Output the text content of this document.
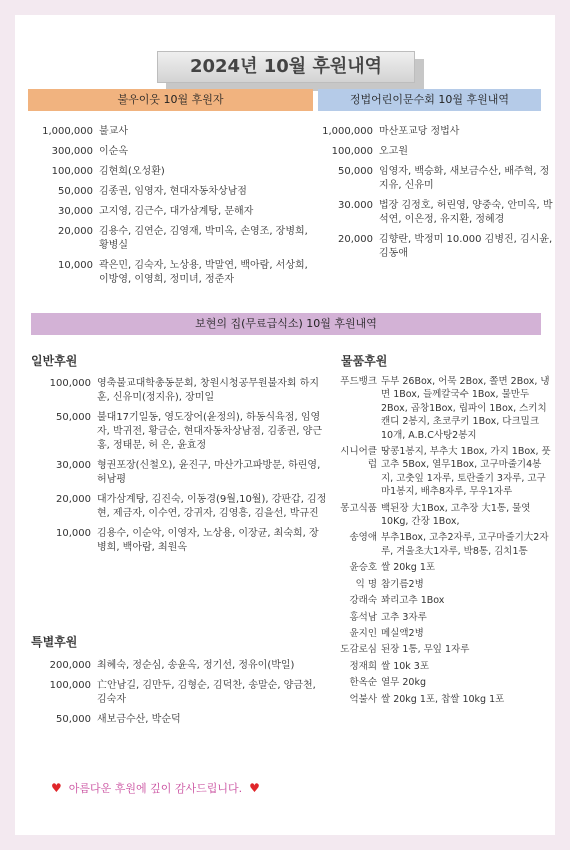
2024년 10월 후원내역
불우이웃 10월 후원자	정법어린이문수회 10월 후원내역
1,000,000 불교사
300,000 이순옥
100,000 김현희(오성환)
50,000 김종권, 임영자, 현대자동차상남점
30,000 고지영, 김근수, 대가삼계탕, 문해자
20,000 김용수, 김연순, 김영재, 박미옥, 손영조, 장병희, 황병실
10,000 곽은민, 김숙자, 노상용, 박말연, 백아람, 서상희, 이방영, 이영희, 정미녀, 정준자
1,000,000 마산포교당 정법사
100,000 오고원
50,000 임영자, 백승화, 새보금수산, 배주혁, 정지유, 신유미
30.000 법장 김정호, 허린영, 양중숙, 안미옥, 박석연, 이은정, 유지환, 정혜경
20,000 김향란, 박정미 10.000 김병진, 김시윤, 김동애
보현의 집(무료급식소) 10월 후원내역
일반후원
100,000 영축불교대학총동문회, 창원시청공무원불자회 하지훈, 신유미(정지유), 장미일
50,000 불대17기일동, 영도장어(윤정의), 하동식육점, 임영자, 박귀전, 황금순, 현대자동차상남점, 김종권, 양근홍, 정태문, 허 은, 윤효정
30,000 형권포장(신철오), 윤진구, 마산가고파방문, 하린영, 허남평
20,000 대가삼계탕, 김진숙, 이동경(9월,10월), 강판갑, 김정현, 제금자, 이수연, 강귀자, 김영흥, 김을선, 박규진
10,000 김용수, 이순악, 이영자, 노상용, 이장균, 최숙희, 장병희, 백아람, 최원옥
특별후원
200,000 최혜숙, 정순심, 송윤옥, 정기선, 정유이(박일)
100,000 亡안남길, 김만두, 김형순, 김덕찬, 송말순, 양금천, 김숙자
50,000 새보금수산, 박순덕
물품후원
푸드뱅크 두부 26Box, 어묵 2Box, 쫄면 2Box, 냉면 1Box, 들께칼국수 1Box, 물만두 2Box, 곱창1Box, 립파이 1Box, 스키치캔디 2봉지, 초코쿠키 1Box, 다크밀크 10개, A.B.C사탕2봉지
시니어클럽
땅콩1봉지, 부추大 1Box, 가지 1Box, 풋고추 5Box, 열무1Box, 고구마줄기4봉지, 고춧잎 1자루, 토란줄기 3자루, 고구마1봉지, 배추8자루, 무우1자루
몽고식품 백된장 大1Box, 고추장 大1통, 물엿 10Kg, 간장 1Box,
송영애 부추1Box, 고추2자루, 고구마줄기大2자루, 겨울초大1자루, 박8통, 김치1통
윤승호 쌀 20kg 1포
익 명 참기름2병
강래숙 꽈리고추 1Box
홍석남 고추 3자루
윤지인 메실액2병
도감로심 된장 1통, 무잎 1자루
정재희 쌀 10k 3포
한옥순 열무 20kg
억불사 쌀 20kg 1포, 찹쌀 10kg 1포
♥ 아름다운 후원에 깊이 감사드립니다. ♥
